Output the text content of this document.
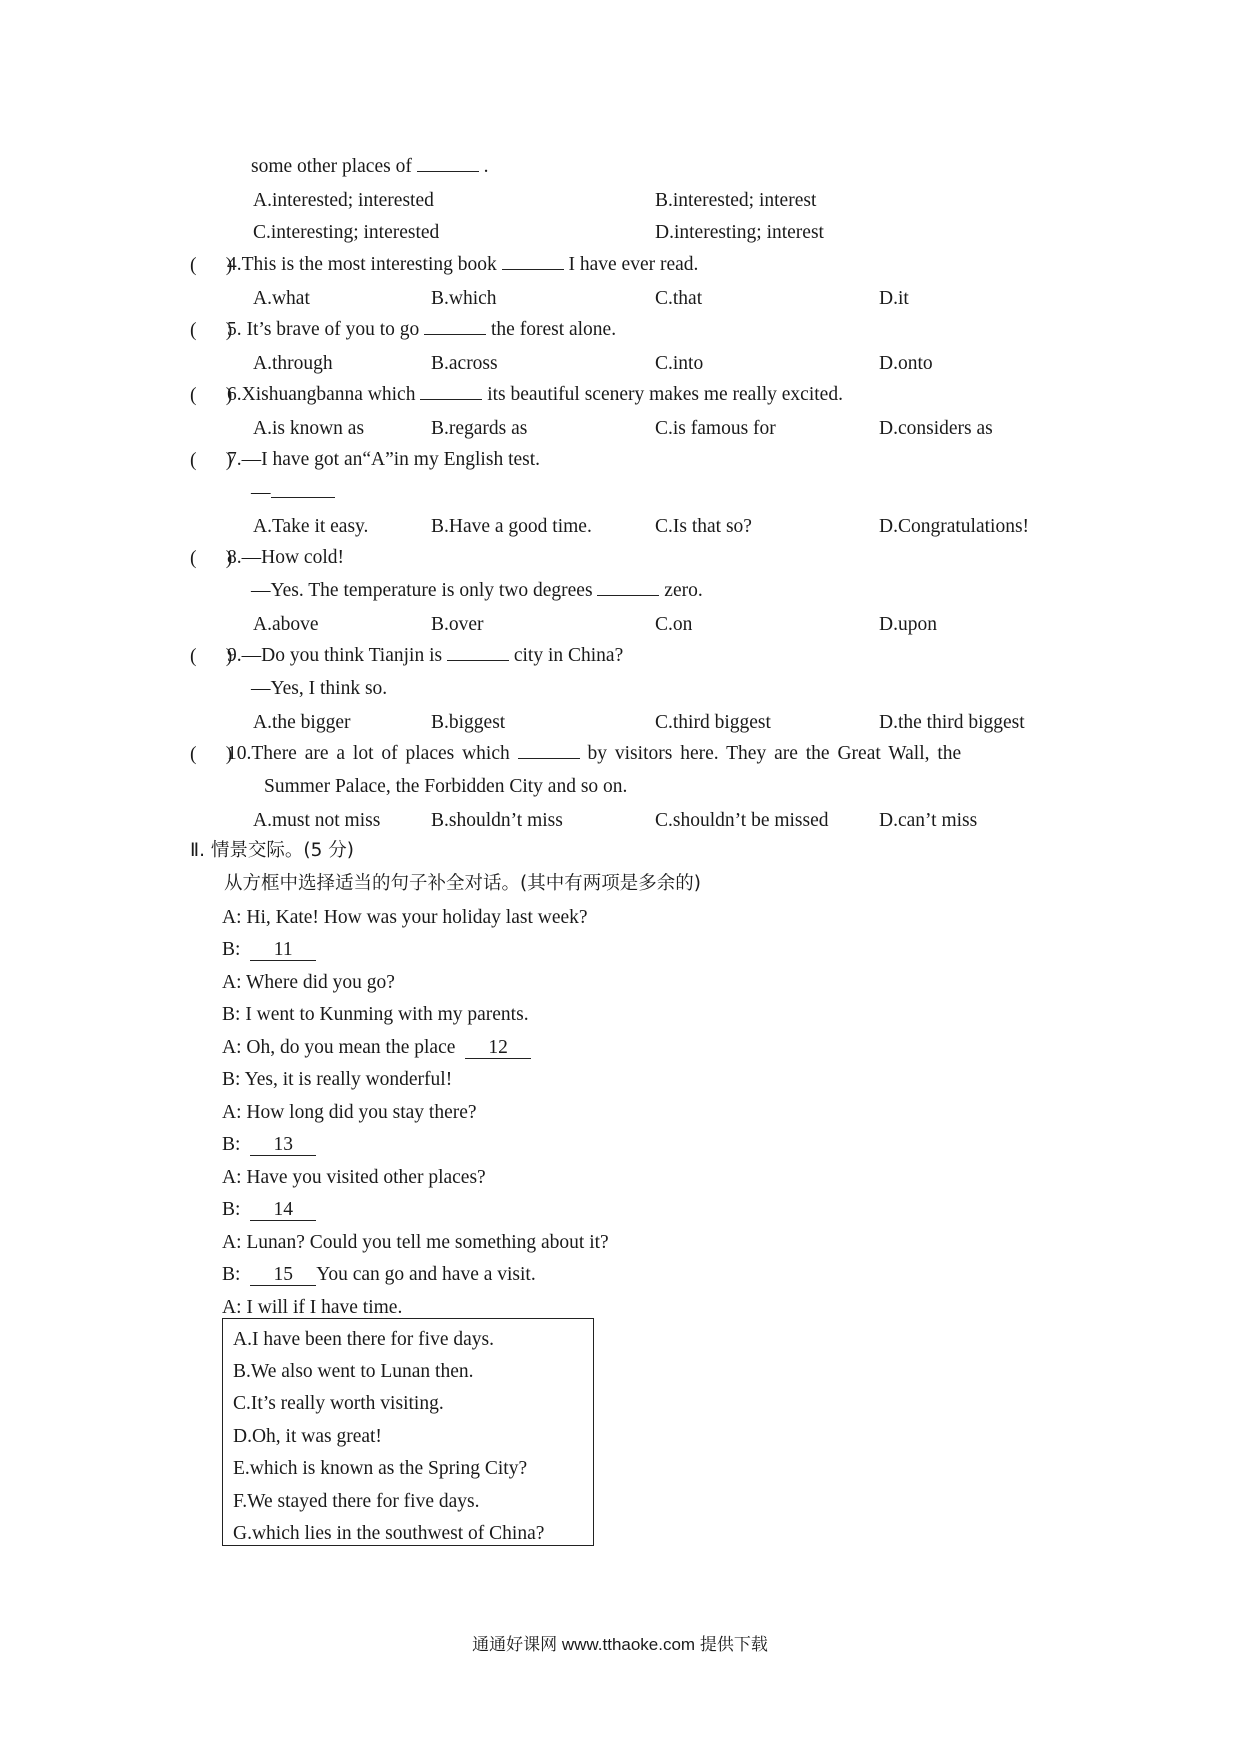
some other places of	.
A.interested; interested	B.interested; interest
C.interesting; interested	D.interesting; interest
(      )
4.This is the most interesting book	I have ever read.
A.what	B.which	C.that	D.it
(      )
5. It’s brave of you to go	the forest alone.
A.through	B.across	C.into	D.onto
(      )
6.Xishuangbanna which	its beautiful scenery makes me really excited.
A.is known as	B.regards as	C.is famous for	D.considers as
(      )
7.—I have got an“A”in my English test.
—
A.Take it easy.	B.Have a good time.	C.Is that so?	D.Congratulations!
(      )
8.—How cold!
—Yes. The temperature is only two degrees	zero.
A.above	B.over	C.on	D.upon
(      )
9.—Do you think Tianjin is	city in China?
—Yes, I think so.
A.the bigger	B.biggest	C.third biggest	D.the third biggest
(      )
10.There are a lot of places which	by visitors here. They are the Great Wall, the
Summer Palace, the Forbidden City and so on.
A.must not miss	B.shouldn’t miss	C.shouldn’t be missed	D.can’t miss
Ⅱ. 情景交际。(5 分)
从方框中选择适当的句子补全对话。(其中有两项是多余的)
A: Hi, Kate! How was your holiday last week?
B: 11
A: Where did you go?
B: I went to Kunming with my parents.
A: Oh, do you mean the place 12
B: Yes, it is really wonderful!
A: How long did you stay there?
B: 13
A: Have you visited other places?
B: 14
A: Lunan? Could you tell me something about it?
B: 15 You can go and have a visit.
A: I will if I have time.
A.I have been there for five days.
B.We also went to Lunan then.
C.It’s really worth visiting.
D.Oh, it was great!
E.which is known as the Spring City?
F.We stayed there for five days.
G.which lies in the southwest of China?
通通好课网 www.tthaoke.com 提供下载
